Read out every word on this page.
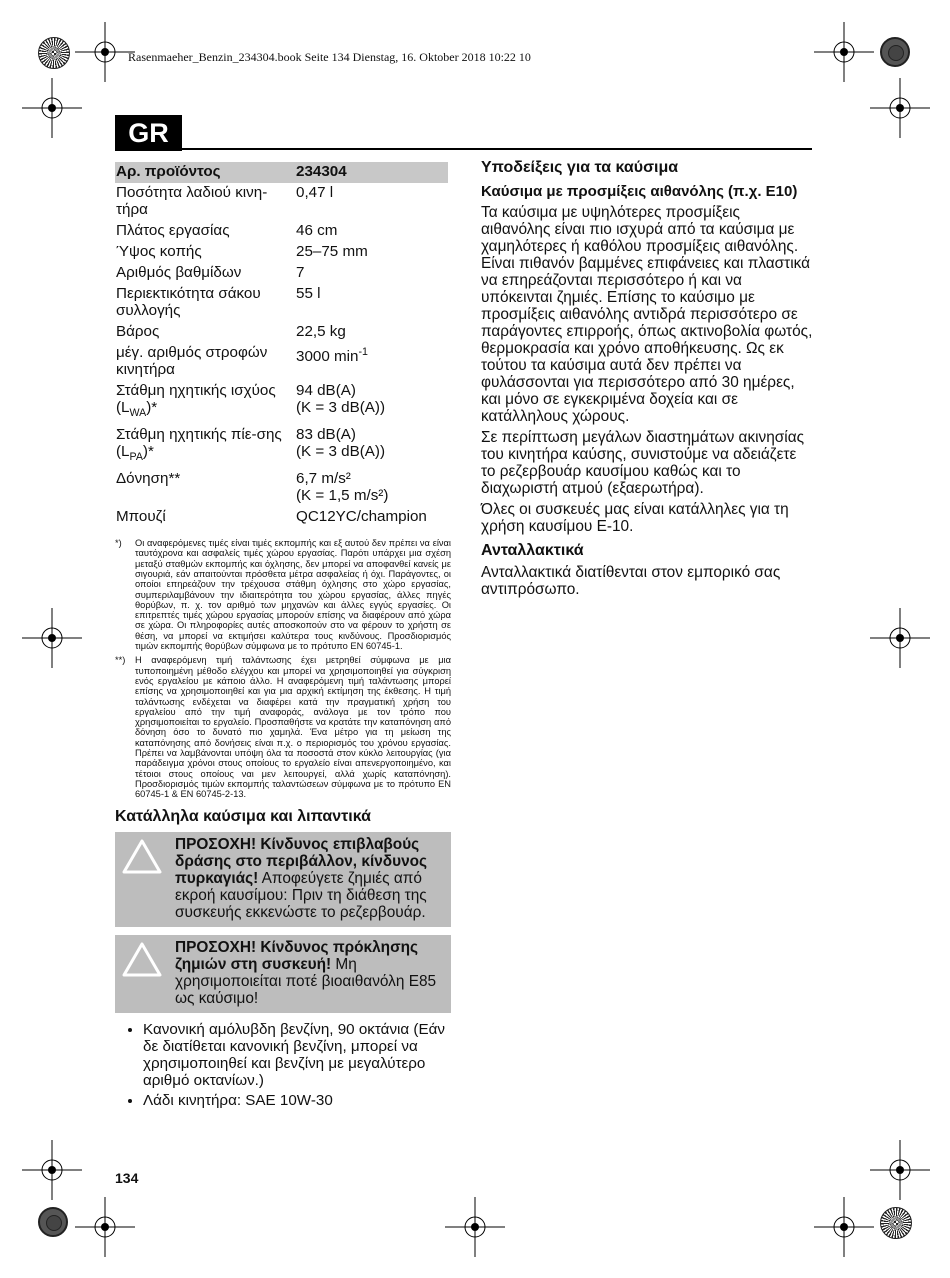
Rasenmaeher_Benzin_234304.book Seite 134 Dienstag, 16. Oktober 2018 10:22 10
GR
Αρ. προϊόντος	234304
Ποσότητα λαδιού κινη-τήρα	0,47 l
Πλάτος εργασίας	46 cm
Ύψος κοπής	25–75 mm
Αριθμός βαθμίδων	7
Περιεκτικότητα σάκου συλλογής	55 l
Βάρος	22,5 kg
μέγ. αριθμός στροφών κινητήρα	3000 $\min^{-1}$
Στάθμη ηχητικής ισχύος $(L_{WA})*$	94 dB(A)
(K = 3 dB(A))

Στάθμη ηχητικής πίε-σης $(L_{PA})*$	83 dB(A)
(K = 3 dB(A))

Δόνηση**	6,7 m/s²
(K = 1,5 m/s²)

Μπουζί	QC12YC/champion
*)	Οι αναφερόμενες τιμές είναι τιμές εκπομπής και εξ αυτού δεν πρέπει να είναι ταυτόχρονα και ασφαλείς τιμές χώρου εργασίας. Παρότι υπάρχει μια σχέση μεταξύ σταθμών εκπομπής και όχλησης, δεν μπορεί να αποφανθεί κανείς με σιγουριά, εάν απαιτούνται πρόσθετα μέτρα ασφαλείας ή όχι. Παράγοντες, οι οποίοι επηρεάζουν την τρέχουσα στάθμη όχλησης στο χώρο εργασίας, συμπεριλαμβάνουν την ιδιαιτερότητα του χώρου εργασίας, άλλες πηγές θορύβων, π. χ. τον αριθμό των μηχανών και άλλες εγγύς εργασίες. Οι επιτρεπτές τιμές χώρου εργασίας μπορούν επίσης να διαφέρουν από χώρα σε χώρα. Οι πληροφορίες αυτές αποσκοπούν στο να φέρουν το χρήστη σε θέση, να μπορεί να εκτιμήσει καλύτερα τους κινδύνους. Προσδιορισμός τιμών εκπομπής θορύβων σύμφωνα με το πρότυπο EN 60745-1.
**)	Η αναφερόμενη τιμή ταλάντωσης έχει μετρηθεί σύμφωνα με μια τυποποιημένη μέθοδο ελέγχου και μπορεί να χρησιμοποιηθεί για σύγκριση ενός εργαλείου με κάποιο άλλο. Η αναφερόμενη τιμή ταλάντωσης μπορεί επίσης να χρησιμοποιηθεί και για μια αρχική εκτίμηση της έκθεσης. Η τιμή ταλάντωσης ενδέχεται να διαφέρει κατά την πραγματική χρήση του εργαλείου από την τιμή αναφοράς, ανάλογα με τον τρόπο που χρησιμοποιείται το εργαλείο. Προσπαθήστε να κρατάτε την καταπόνηση από δόνηση όσο το δυνατό πιο χαμηλά. Ένα μέτρο για τη μείωση της καταπόνησης από δονήσεις είναι π.χ. ο περιορισμός του χρόνου εργασίας. Πρέπει να λαμβάνονται υπόψη όλα τα ποσοστά στον κύκλο λειτουργίας (για παράδειγμα χρόνοι στους οποίους το εργαλείο είναι απενεργοποιημένο, και τέτοιοι στους οποίους ναι μεν λειτουργεί, αλλά χωρίς καταπόνηση). Προσδιορισμός τιμών εκπομπής ταλαντώσεων σύμφωνα με το πρότυπο EN 60745-1 & EN 60745-2-13.
Κατάλληλα καύσιμα και λιπαντικά
ΠΡΟΣΟΧΗ! Κίνδυνος επιβλαβούς δράσης στο περιβάλλον, κίνδυνος πυρκαγιάς! Αποφεύγετε ζημιές από εκροή καυσίμου: Πριν τη διάθεση της συσκευής εκκενώστε το ρεζερβουάρ.
ΠΡΟΣΟΧΗ! Κίνδυνος πρόκλησης ζημιών στη συσκευή! Μη χρησιμοποιείται ποτέ βιοαιθανόλη E85 ως καύσιμο!
• Κανονική αμόλυβδη βενζίνη, 90 οκτάνια (Εάν δε διατίθεται κανονική βενζίνη, μπορεί να χρησιμοποιηθεί και βενζίνη με μεγαλύτερο αριθμό οκτανίων.)
• Λάδι κινητήρα: SAE 10W-30
134
Υποδείξεις για τα καύσιμα
Καύσιμα με προσμίξεις αιθανόλης (π.χ. E10)

Τα καύσιμα με υψηλότερες προσμίξεις αιθανόλης είναι πιο ισχυρά από τα καύσιμα με χαμηλότερες ή καθόλου προσμίξεις αιθανόλης. Είναι πιθανόν βαμμένες επιφάνειες και πλαστικά να επηρεάζονται περισσότερο ή και να υπόκεινται ζημιές. Επίσης το καύσιμο με προσμίξεις αιθανόλης αντιδρά περισσότερο σε παράγοντες επιρροής, όπως ακτινοβολία φωτός, θερμοκρασία και χρόνο αποθήκευσης. Ως εκ τούτου τα καύσιμα αυτά δεν πρέπει να φυλάσσονται για περισσότερο από 30 ημέρες, και μόνο σε εγκεκριμένα δοχεία και σε κατάλληλους χώρους.

Σε περίπτωση μεγάλων διαστημάτων ακινησίας του κινητήρα καύσης, συνιστούμε να αδειάζετε το ρεζερβουάρ καυσίμου καθώς και το διαχωριστή ατμού (εξαερωτήρα).

Όλες οι συσκευές μας είναι κατάλληλες για τη χρήση καυσίμου E-10.

Ανταλλακτικά

Ανταλλακτικά διατίθενται στον εμπορικό σας αντιπρόσωπο.
